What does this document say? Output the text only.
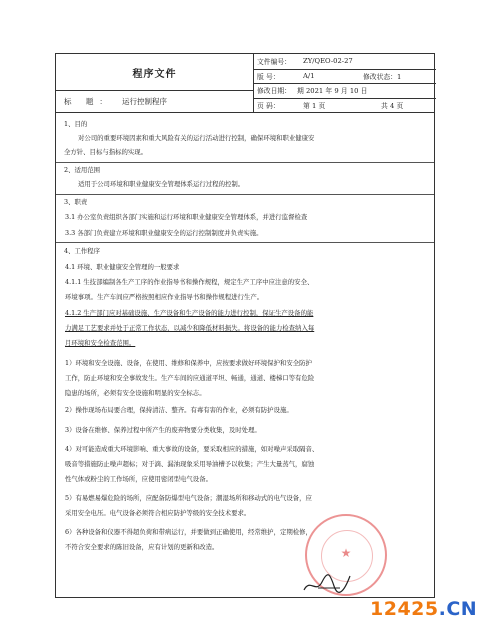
程序文件
标 题：	运行控制程序
文件编号： ZY/QEO-02-27
版 号：	A/1	修改状态：1
修改日期： 期 2021 年 9 月 10 日
页 码：	第 1 页	共 4 页
1、目的
对公司的重要环境因素和重大风险有关的运行活动进行控制，确保环境和职业健康安
全方针、目标与指标的实现。
2、适用范围
适用于公司环境和职业健康安全管理体系运行过程的控制。
3、职责
3.1 办公室负责组织各部门实施和运行环境和职业健康安全管理体系，并进行监督检查
3.3 各部门负责建立环境和职业健康安全的运行控制制度并负责实施。
4、工作程序
4.1 环境、职业健康安全管理的一般要求
4.1.1 生技部编制各生产工序的作业指导书和操作规程，规定生产工序中应注意的安全、
环境事项。生产车间应严格按照相应作业指导书和操作规程进行生产。
4.1.2 生产部门应对基础设施、生产设备和生产设备的能力进行控制，保证生产设备的能
力满足工艺要求并处于正常工作状态，以减少和降低材料损失。将设备的能力检查纳入每
月环境和安全检查范围。
1）环境和安全设施、设备，在使用、维修和保养中，应按要求做好环境保护和安全防护
工作，防止环境和安全事故发生。生产车间的应通道平坦、畅通，通道、楼梯口等有危险
隐患的场所，必须有安全设施和明显的安全标志。
2）操作现场布局要合理，保持清洁、整齐。有毒有害的作业，必须有防护设施。
3）设备在维修、保养过程中所产生的废弃物要分类收集，及时处理。
4）对可能造成重大环境影响、重大事故的设备，要采取相应的措施，如对噪声采取隔音、
吸音等措施防止噪声超标；对于滴、漏油现象采用导油槽予以收集；产生大量蒸气，腐蚀
性气体或粉尘的工作场所，应使用密闭型电气设备。
5）有易燃易爆危险的场所，应配备防爆型电气设备；潮湿场所和移动式的电气设备，应
采用安全电压。电气设备必须符合相应防护等级的安全技术要求。
6）各种设备和仪器不得超负荷和带病运行，并要做到正确使用，经常维护，定期检修，
不符合安全要求的陈旧设备，应有计划的更新和改造。	★
12425.CN
